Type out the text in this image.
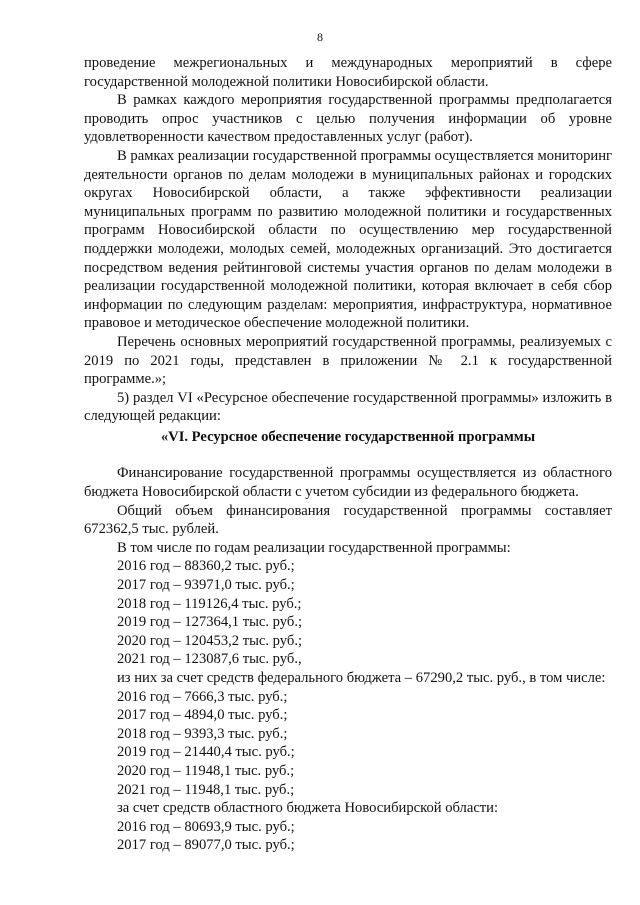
8

проведение межрегиональных и международных мероприятий в сфере государственной молодежной политики Новосибирской области.

В рамках каждого мероприятия государственной программы предполагается проводить опрос участников с целью получения информации об уровне удовлетворенности качеством предоставленных услуг (работ).

В рамках реализации государственной программы осуществляется мониторинг деятельности органов по делам молодежи в муниципальных районах и городских округах Новосибирской области, а также эффективности реализации муниципальных программ по развитию молодежной политики и государственных программ Новосибирской области по осуществлению мер государственной поддержки молодежи, молодых семей, молодежных организаций. Это достигается посредством ведения рейтинговой системы участия органов по делам молодежи в реализации государственной молодежной политики, которая включает в себя сбор информации по следующим разделам: мероприятия, инфраструктура, нормативное правовое и методическое обеспечение молодежной политики.

Перечень основных мероприятий государственной программы, реализуемых с 2019 по 2021 годы, представлен в приложении № 2.1 к государственной программе.»;

5) раздел VI «Ресурсное обеспечение государственной программы» изложить в следующей редакции:

«VI. Ресурсное обеспечение государственной программы

Финансирование государственной программы осуществляется из областного бюджета Новосибирской области с учетом субсидии из федерального бюджета.

Общий объем финансирования государственной программы составляет 672362,5 тыс. рублей.

В том числе по годам реализации государственной программы:

2016 год – 88360,2 тыс. руб.;

2017 год – 93971,0 тыс. руб.;

2018 год – 119126,4 тыс. руб.;

2019 год – 127364,1 тыс. руб.;

2020 год – 120453,2 тыс. руб.;

2021 год – 123087,6 тыс. руб.,

из них за счет средств федерального бюджета – 67290,2 тыс. руб., в том числе:

2016 год – 7666,3 тыс. руб.;

2017 год – 4894,0 тыс. руб.;

2018 год – 9393,3 тыс. руб.;

2019 год – 21440,4 тыс. руб.;

2020 год – 11948,1 тыс. руб.;

2021 год – 11948,1 тыс. руб.;

за счет средств областного бюджета Новосибирской области:

2016 год – 80693,9 тыс. руб.;

2017 год – 89077,0 тыс. руб.;
